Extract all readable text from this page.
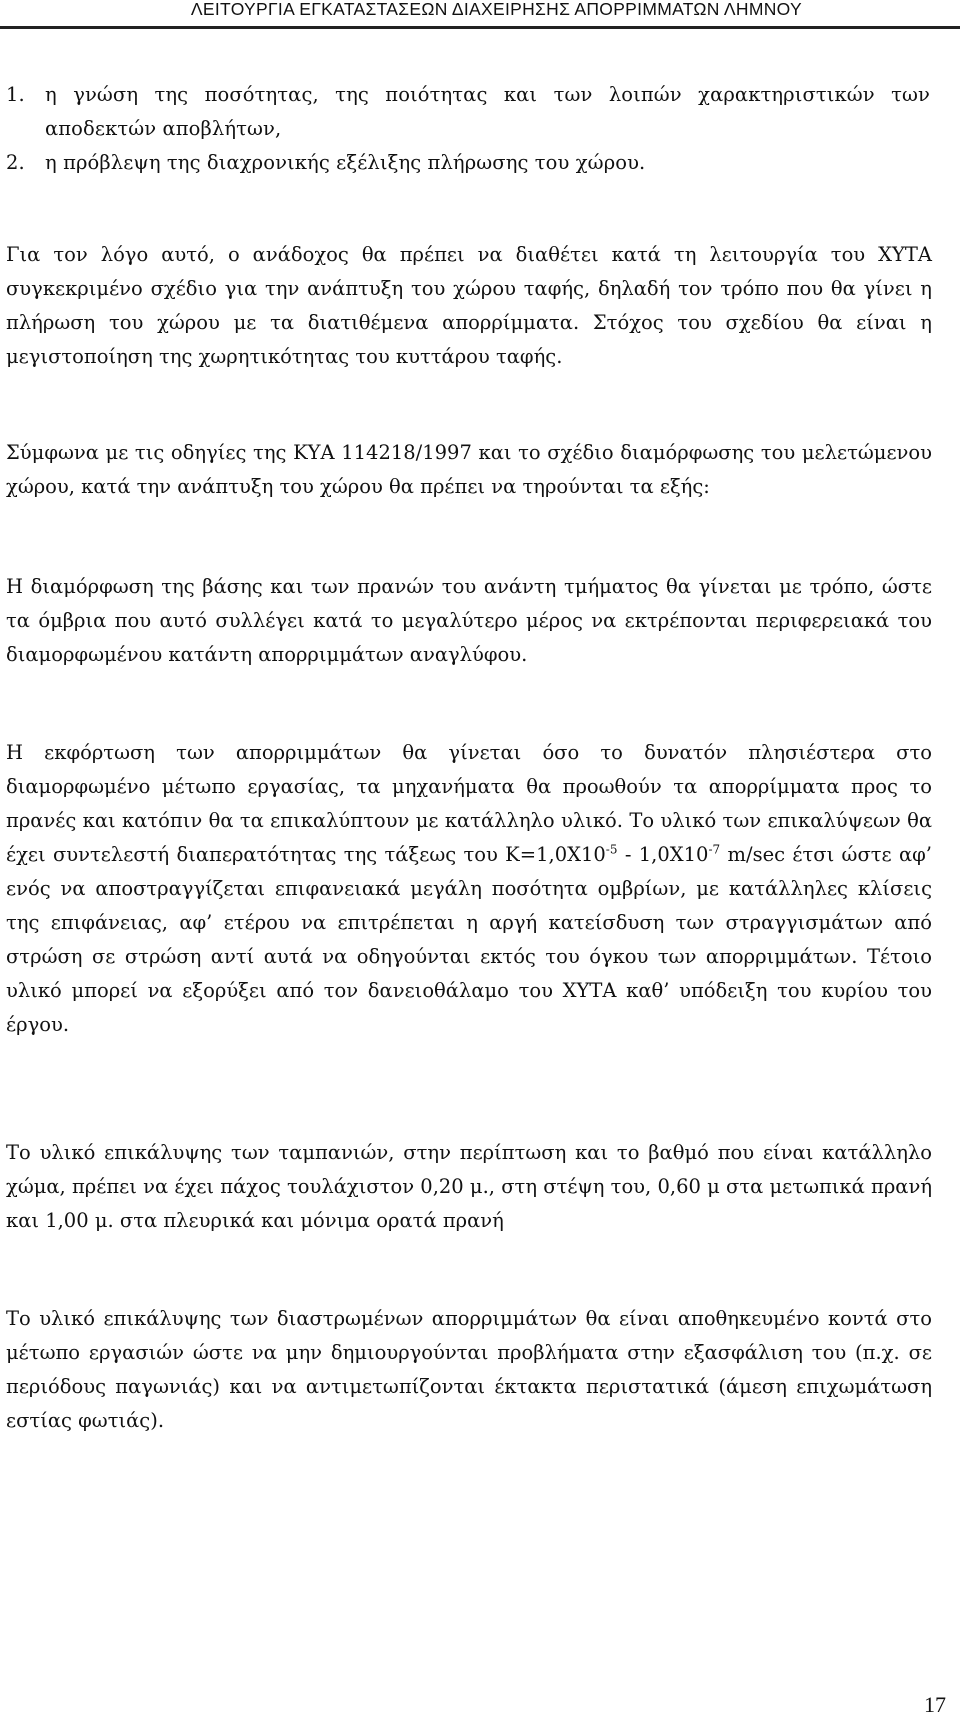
ΛΕΙΤΟΥΡΓΙΑ ΕΓΚΑΤΑΣΤΑΣΕΩΝ ΔΙΑΧΕΙΡΗΣΗΣ ΑΠΟΡΡΙΜΜΑΤΩΝ ΛΗΜΝΟΥ
1. η γνώση της ποσότητας, της ποιότητας και των λοιπών χαρακτηριστικών των αποδεκτών αποβλήτων,
2. η πρόβλεψη της διαχρονικής εξέλιξης πλήρωσης του χώρου.

Για τον λόγο αυτό, ο ανάδοχος θα πρέπει να διαθέτει κατά τη λειτουργία του ΧΥΤΑ συγκεκριμένο σχέδιο για την ανάπτυξη του χώρου ταφής, δηλαδή τον τρόπο που θα γίνει η πλήρωση του χώρου με τα διατιθέμενα απορρίμματα. Στόχος του σχεδίου θα είναι η μεγιστοποίηση της χωρητικότητας του κυττάρου ταφής.

Σύμφωνα με τις οδηγίες της ΚΥΑ 114218/1997 και το σχέδιο διαμόρφωσης του μελετώμενου χώρου, κατά την ανάπτυξη του χώρου θα πρέπει να τηρούνται τα εξής:

Η διαμόρφωση της βάσης και των πρανών του ανάντη τμήματος θα γίνεται με τρόπο, ώστε τα όμβρια που αυτό συλλέγει κατά το μεγαλύτερο μέρος να εκτρέπονται περιφερειακά του διαμορφωμένου κατάντη απορριμμάτων αναγλύφου.

Η εκφόρτωση των απορριμμάτων θα γίνεται όσο το δυνατόν πλησιέστερα στο διαμορφωμένο μέτωπο εργασίας, τα μηχανήματα θα προωθούν τα απορρίμματα προς το πρανές και κατόπιν θα τα επικαλύπτουν με κατάλληλο υλικό. Το υλικό των επικαλύψεων θα έχει συντελεστή διαπερατότητας της τάξεως του $K=1,0X10^{-5} - 1,0X10^{-7}$ m/sec έτσι ώστε αφ’ ενός να αποστραγγίζεται επιφανειακά μεγάλη ποσότητα ομβρίων, με κατάλληλες κλίσεις της επιφάνειας, αφ’ ετέρου να επιτρέπεται η αργή κατείσδυση των στραγγισμάτων από στρώση σε στρώση αντί αυτά να οδηγούνται εκτός του όγκου των απορριμμάτων. Τέτοιο υλικό μπορεί να εξορύξει από τον δανειοθάλαμο του ΧΥΤΑ καθ’ υπόδειξη του κυρίου του έργου.

Το υλικό επικάλυψης των ταμπανιών, στην περίπτωση και το βαθμό που είναι κατάλληλο χώμα, πρέπει να έχει πάχος τουλάχιστον 0,20 μ., στη στέψη του, 0,60 μ στα μετωπικά πρανή και 1,00 μ. στα πλευρικά και μόνιμα ορατά πρανή

Το υλικό επικάλυψης των διαστρωμένων απορριμμάτων θα είναι αποθηκευμένο κοντά στο μέτωπο εργασιών ώστε να μην δημιουργούνται προβλήματα στην εξασφάλιση του (π.χ. σε περιόδους παγωνιάς) και να αντιμετωπίζονται έκτακτα περιστατικά (άμεση επιχωμάτωση εστίας φωτιάς).

17
